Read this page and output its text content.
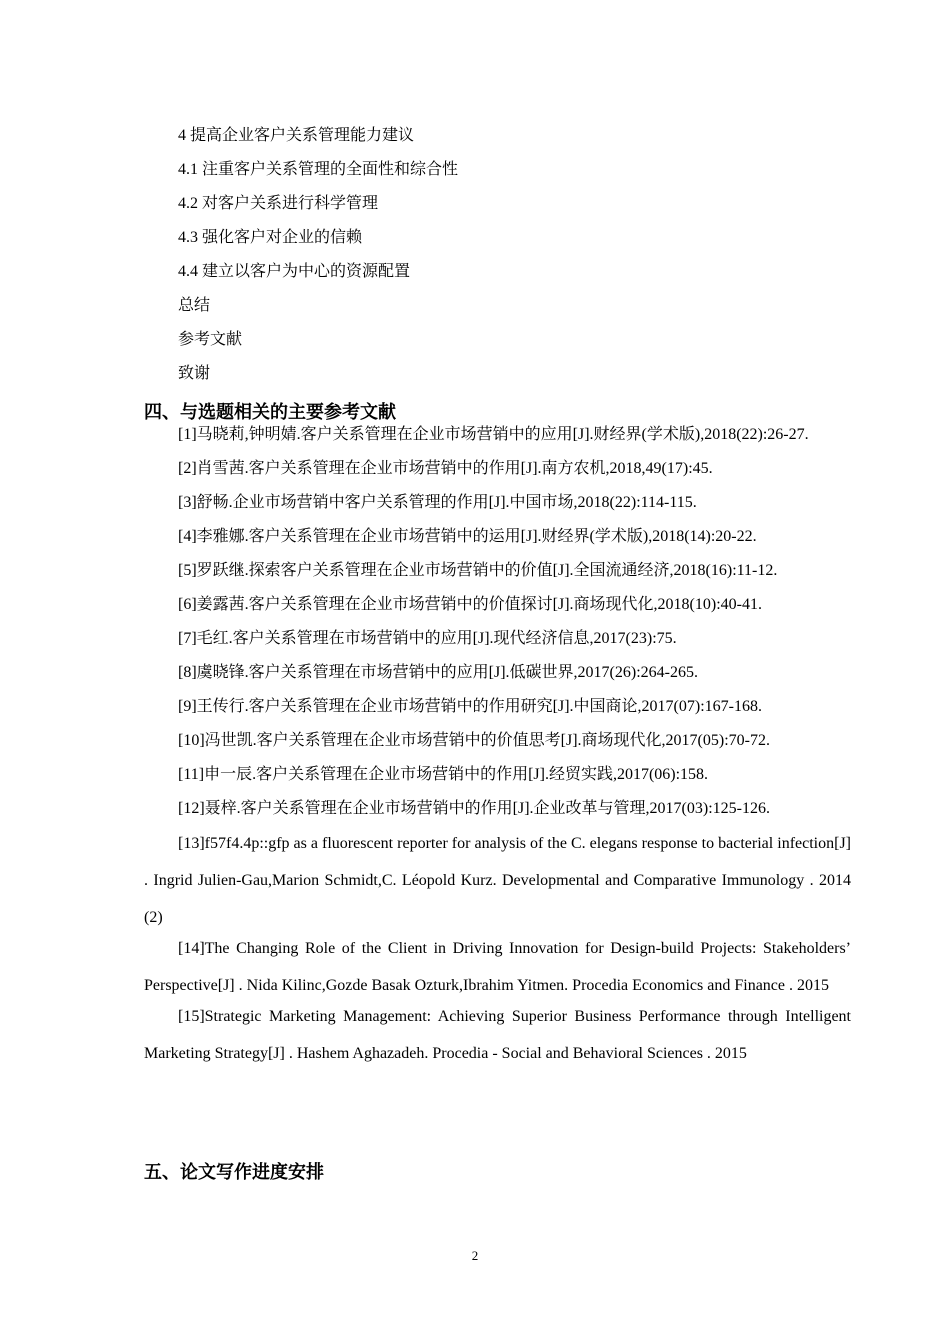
4 提高企业客户关系管理能力建议
4.1 注重客户关系管理的全面性和综合性
4.2 对客户关系进行科学管理
4.3 强化客户对企业的信赖
4.4 建立以客户为中心的资源配置
总结
参考文献
致谢
四、与选题相关的主要参考文献
[1]马晓莉,钟明婧.客户关系管理在企业市场营销中的应用[J].财经界(学术版),2018(22):26-27.
[2]肖雪茜.客户关系管理在企业市场营销中的作用[J].南方农机,2018,49(17):45.
[3]舒畅.企业市场营销中客户关系管理的作用[J].中国市场,2018(22):114-115.
[4]李雅娜.客户关系管理在企业市场营销中的运用[J].财经界(学术版),2018(14):20-22.
[5]罗跃继.探索客户关系管理在企业市场营销中的价值[J].全国流通经济,2018(16):11-12.
[6]姜露茜.客户关系管理在企业市场营销中的价值探讨[J].商场现代化,2018(10):40-41.
[7]毛红.客户关系管理在市场营销中的应用[J].现代经济信息,2017(23):75.
[8]虞晓锋.客户关系管理在市场营销中的应用[J].低碳世界,2017(26):264-265.
[9]王传行.客户关系管理在企业市场营销中的作用研究[J].中国商论,2017(07):167-168.
[10]冯世凯.客户关系管理在企业市场营销中的价值思考[J].商场现代化,2017(05):70-72.
[11]申一辰.客户关系管理在企业市场营销中的作用[J].经贸实践,2017(06):158.
[12]聂梓.客户关系管理在企业市场营销中的作用[J].企业改革与管理,2017(03):125-126.
[13]f57f4.4p::gfp as a fluorescent reporter for analysis of the C. elegans response to bacterial infection[J] . Ingrid Julien-Gau,Marion Schmidt,C. Léopold Kurz. Developmental and Comparative Immunology . 2014 (2)
[14]The Changing Role of the Client in Driving Innovation for Design-build Projects: Stakeholders’ Perspective[J] . Nida Kilinc,Gozde Basak Ozturk,Ibrahim Yitmen. Procedia Economics and Finance . 2015
[15]Strategic Marketing Management: Achieving Superior Business Performance through Intelligent Marketing Strategy[J] . Hashem Aghazadeh. Procedia - Social and Behavioral Sciences . 2015
五、论文写作进度安排
2
